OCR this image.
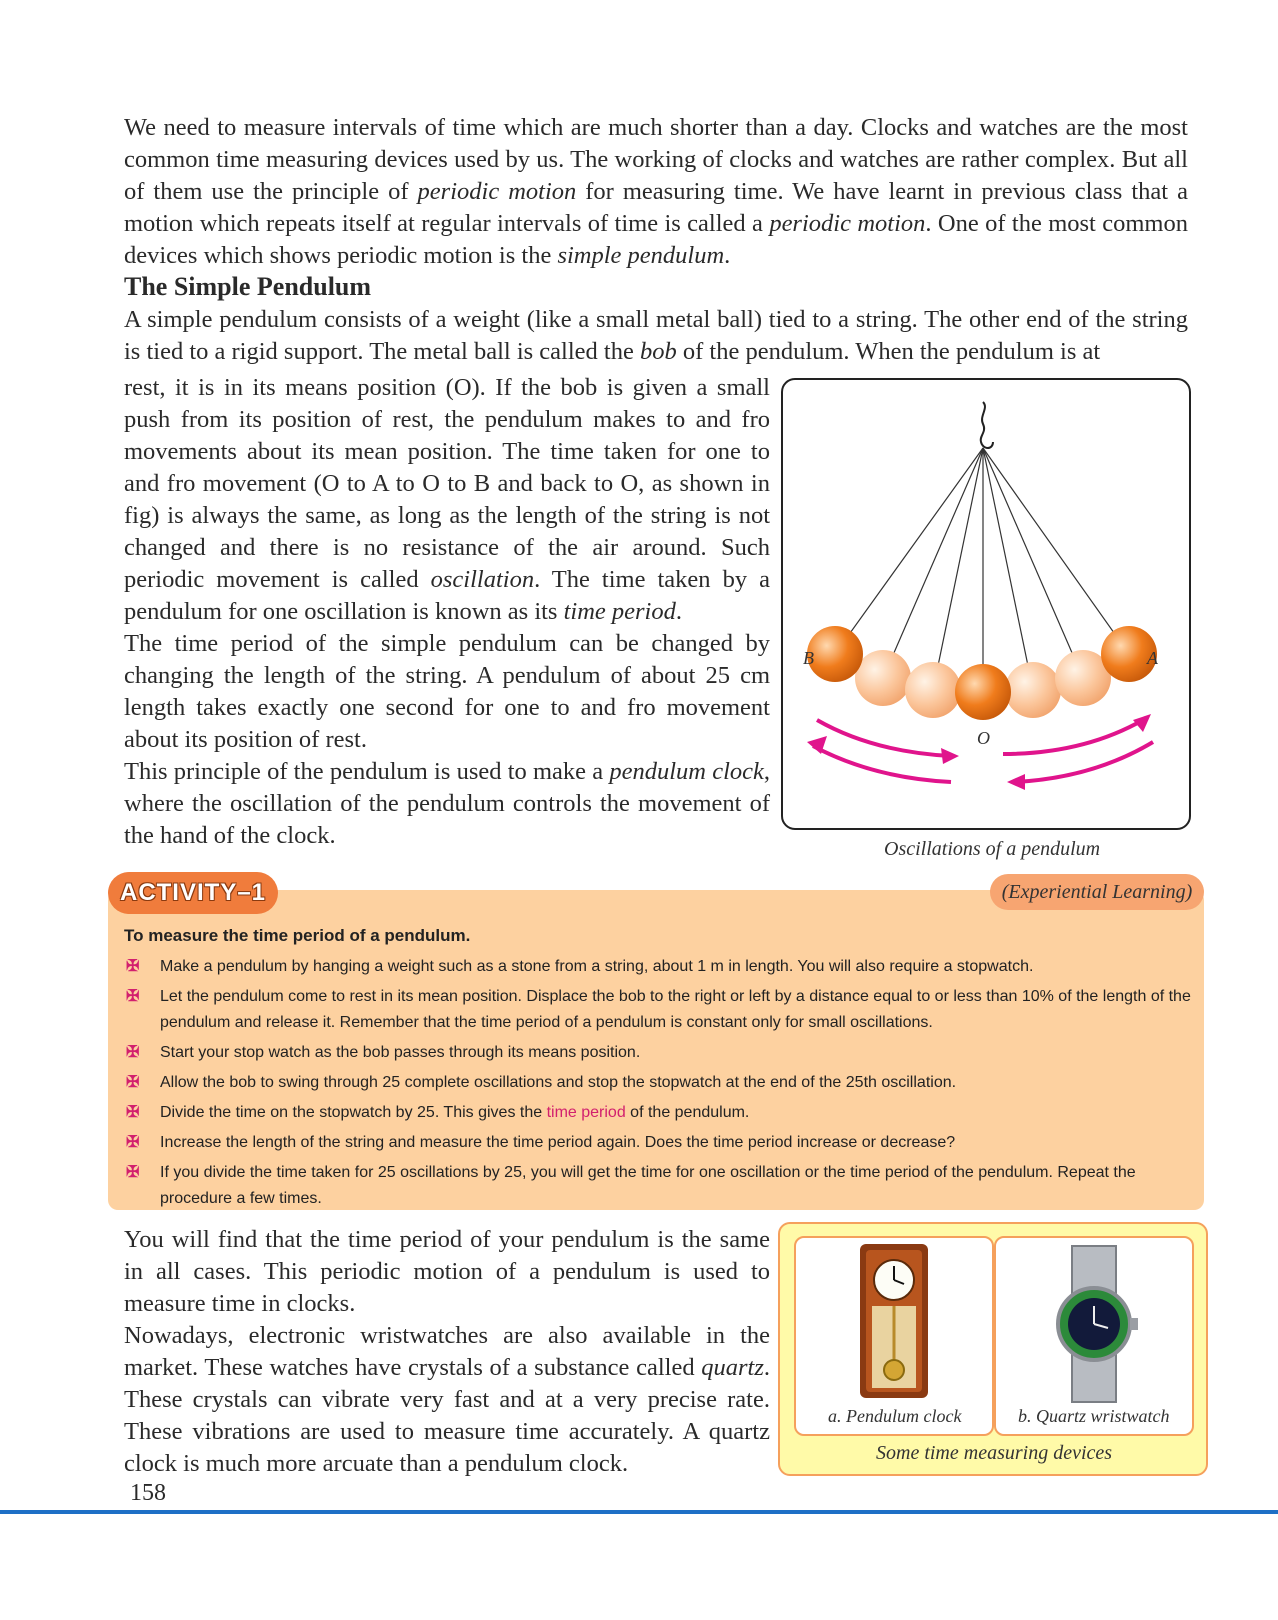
We need to measure intervals of time which are much shorter than a day. Clocks and watches are the most common time measuring devices used by us. The working of clocks and watches are rather complex. But all of them use the principle of periodic motion for measuring time. We have learnt in previous class that a motion which repeats itself at regular intervals of time is called a periodic motion. One of the most common devices which shows periodic motion is the simple pendulum.

The Simple Pendulum

A simple pendulum consists of a weight (like a small metal ball) tied to a string. The other end of the string is tied to a rigid support. The metal ball is called the bob of the pendulum. When the pendulum is at

rest, it is in its means position (O). If the bob is given a small push from its position of rest, the pendulum makes to and fro movements about its mean position. The time taken for one to and fro movement (O to A to O to B and back to O, as shown in fig) is always the same, as long as the length of the string is not changed and there is no resistance of the air around. Such periodic movement is called oscillation. The time taken by a pendulum for one oscillation is known as its time period.

The time period of the simple pendulum can be changed by changing the length of the string. A pendulum of about 25 cm length takes exactly one second for one to and fro movement about its position of rest.

This principle of the pendulum is used to make a pendulum clock, where the oscillation of the pendulum controls the movement of the hand of the clock.

B	A
O
Oscillations of a pendulum
ACTIVITY–1	(Experiential Learning)

To measure the time period of a pendulum.

✠ Make a pendulum by hanging a weight such as a stone from a string, about 1 m in length. You will also require a stopwatch.
✠ Let the pendulum come to rest in its mean position. Displace the bob to the right or left by a distance equal to or less than 10% of the length of the pendulum and release it. Remember that the time period of a pendulum is constant only for small oscillations.
✠ Start your stop watch as the bob passes through its means position.
✠ Allow the bob to swing through 25 complete oscillations and stop the stopwatch at the end of the 25th oscillation.
✠ Divide the time on the stopwatch by 25. This gives the time period of the pendulum.
✠ Increase the length of the string and measure the time period again. Does the time period increase or decrease?
✠ If you divide the time taken for 25 oscillations by 25, you will get the time for one oscillation or the time period of the pendulum. Repeat the procedure a few times.

You will find that the time period of your pendulum is the same in all cases. This periodic motion of a pendulum is used to measure time in clocks.

Nowadays, electronic wristwatches are also available in the market. These watches have crystals of a substance called quartz. These crystals can vibrate very fast and at a very precise rate. These vibrations are used to measure time accurately. A quartz clock is much more arcuate than a pendulum clock.

a. Pendulum clock	b. Quartz wristwatch
Some time measuring devices
158
